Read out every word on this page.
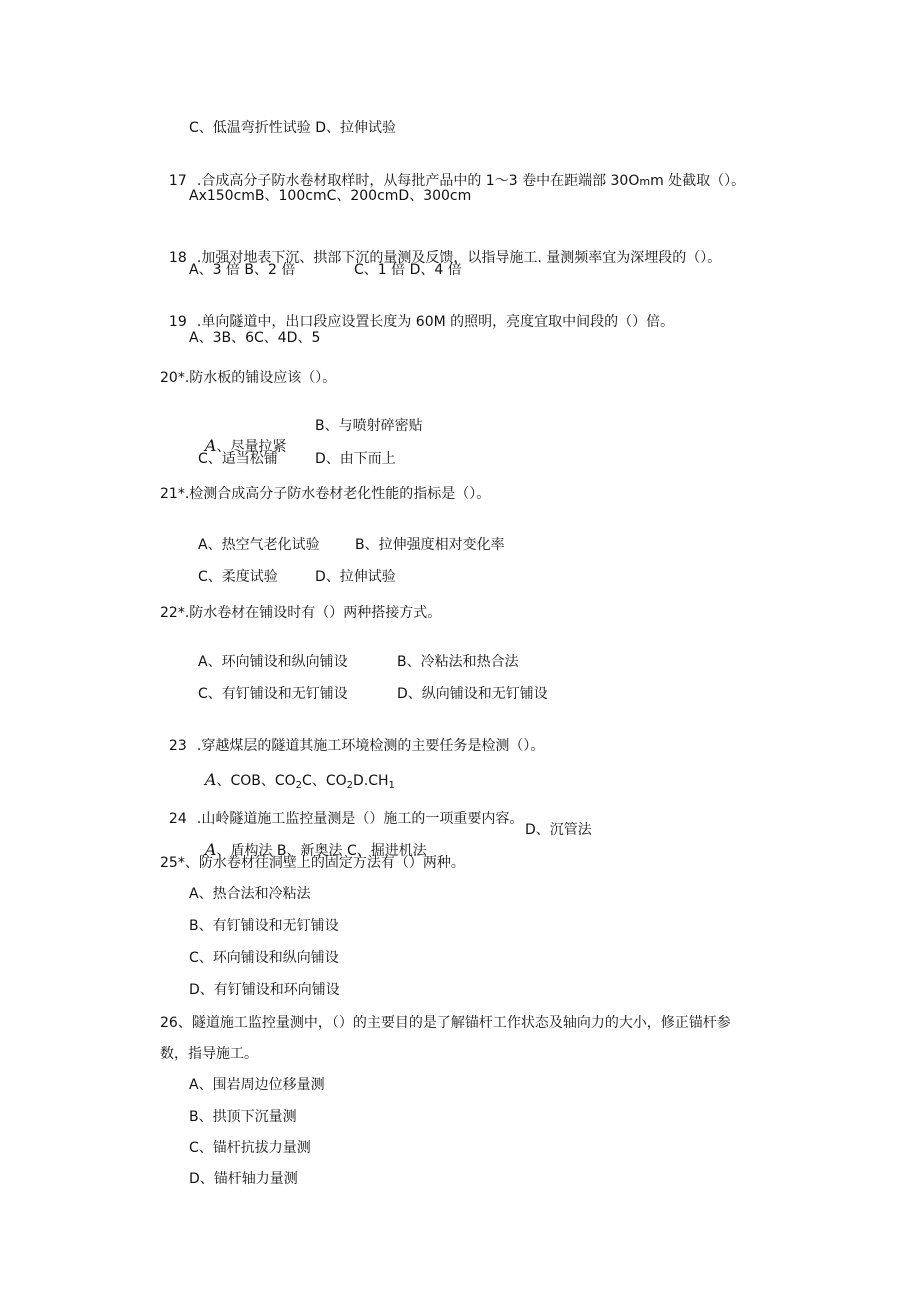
C、低温弯折性试验 D、拉伸试验

17 .合成高分子防水卷材取样时，从每批产品中的 1～3 卷中在距端部 30Omm 处截取（）。

Ax150cmB、100cmC、200cmD、300cm

18 .加强对地表下沉、拱部下沉的量测及反馈，以指导施工. 量测频率宜为深埋段的（）。

A、3 倍 B、2 倍	C、1 倍 D、4 倍

19 .单向隧道中，出口段应设置长度为 60M 的照明，亮度宜取中间段的（）倍。

A、3B、6C、4D、5
20*.防水板的铺设应该（）。

A、尽量拉紧

B、与喷射碎密贴
C、适当松铺	D、由下而上
21*.检测合成高分子防水卷材老化性能的指标是（）。
A、热空气老化试验	B、拉伸强度相对变化率
C、柔度试验	D、拉伸试验
22*.防水卷材在铺设时有（）两种搭接方式。
A、环向铺设和纵向铺设	B、冷粘法和热合法
C、有钉铺设和无钉铺设	D、纵向铺设和无钉铺设

23 .穿越煤层的隧道其施工环境检测的主要任务是检测（）。

A、COB、$CO_2C$、$CO_2D.CH_1$

24 .山岭隧道施工监控量测是（）施工的一项重要内容。

A、盾构法 B、新奥法 C、掘进机法

D、沉管法
25*、防水卷材往洞壁上的固定方法有（）两种。
A、热合法和冷粘法
B、有钉铺设和无钉铺设
C、环向铺设和纵向铺设
D、有钉铺设和环向铺设
26、隧道施工监控量测中，（）的主要目的是了解锚杆工作状态及轴向力的大小，修正锚杆参
数，指导施工。
A、围岩周边位移量测
B、拱顶下沉量测
C、锚杆抗拔力量测
D、锚杆轴力量测
